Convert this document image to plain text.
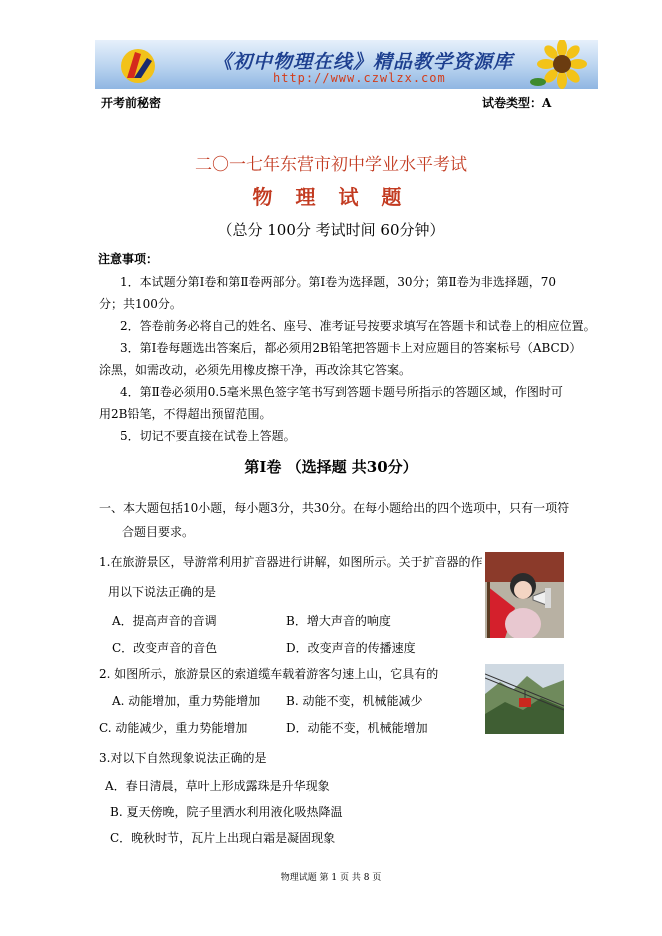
《初中物理在线》精品教学资源库
http://www.czwlzx.com
开考前秘密	试卷类型：A
二〇一七年东营市初中学业水平考试
物 理 试 题
（总分 100分 考试时间 60分钟）
注意事项：
1．本试题分第Ⅰ卷和第Ⅱ卷两部分。第Ⅰ卷为选择题，30分；第Ⅱ卷为非选择题，70
分；共100分。
2．答卷前务必将自己的姓名、座号、准考证号按要求填写在答题卡和试卷上的相应位置。
3．第Ⅰ卷每题选出答案后，都必须用2B铅笔把答题卡上对应题目的答案标号（ABCD）
涂黑，如需改动，必须先用橡皮擦干净，再改涂其它答案。
4．第Ⅱ卷必须用0.5毫米黑色签字笔书写到答题卡题号所指示的答题区域，作图时可
用2B铅笔，不得超出预留范围。
5．切记不要直接在试卷上答题。
第Ⅰ卷 （选择题 共30分）
一、本大题包括10小题，每小题3分，共30分。在每小题给出的四个选项中，只有一项符
合题目要求。
1.在旅游景区，导游常利用扩音器进行讲解，如图所示。关于扩音器的作
用以下说法正确的是
A．提高声音的音调	B．增大声音的响度
C．改变声音的音色	D．改变声音的传播速度
2. 如图所示，旅游景区的索道缆车载着游客匀速上山，它具有的
A. 动能增加，重力势能增加 B. 动能不变，机械能减少
C. 动能减少，重力势能增加	D．动能不变，机械能增加
3.对以下自然现象说法正确的是
A．春日清晨，草叶上形成露珠是升华现象
B. 夏天傍晚，院子里洒水利用液化吸热降温
C．晚秋时节，瓦片上出现白霜是凝固现象
物理试题 第 1 页 共 8 页
